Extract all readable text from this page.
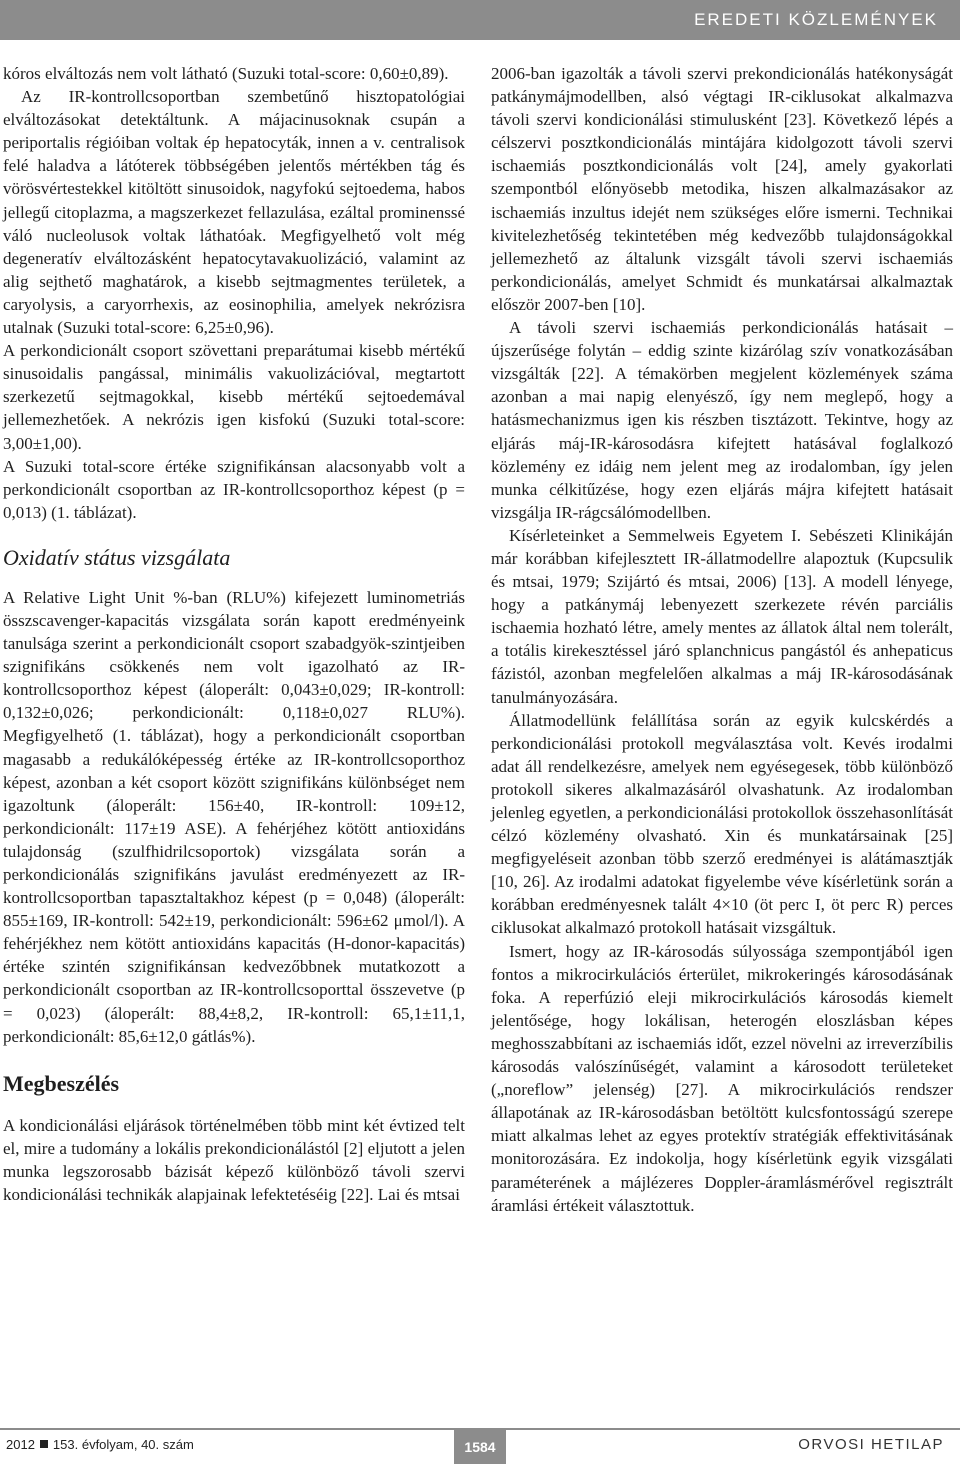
EREDETI KÖZLEMÉNYEK

kóros elváltozás nem volt látható (Suzuki total-score: 0,60±0,89).

Az IR-kontrollcsoportban szembetűnő hisztopatológiai elváltozásokat detektáltunk. A májacinusoknak csupán a periportalis régióiban voltak ép hepatocyták, innen a v. centralisok felé haladva a látóterek többségében jelentős mértékben tág és vörösvértestekkel kitöltött sinusoidok, nagyfokú sejtoedema, habos jellegű citoplazma, a magszerkezet fellazulása, ezáltal prominenssé váló nucleolusok voltak láthatóak. Megfigyelhető volt még degeneratív elváltozásként hepatocytavakuolizáció, valamint az alig sejthető maghatárok, a kisebb sejtmagmentes területek, a caryolysis, a caryorrhexis, az eosinophilia, amelyek nekrózisra utalnak (Suzuki total-score: 6,25±0,96).

A perkondicionált csoport szövettani preparátumai kisebb mértékű sinusoidalis pangással, minimális vakuolizációval, megtartott szerkezetű sejtmagokkal, kisebb mértékű sejtoedemával jellemezhetőek. A nekrózis igen kisfokú (Suzuki total-score: 3,00±1,00).

A Suzuki total-score értéke szignifikánsan alacsonyabb volt a perkondicionált csoportban az IR-kontrollcsoporthoz képest (p = 0,013) (1. táblázat).

Oxidatív státus vizsgálata

A Relative Light Unit %-ban (RLU%) kifejezett luminometriás összscavenger-kapacitás vizsgálata során kapott eredményeink tanulsága szerint a perkondicionált csoport szabadgyök-szintjeiben szignifikáns csökkenés nem volt igazolható az IR-kontrollcsoporthoz képest (áloperált: 0,043±0,029; IR-kontroll: 0,132±0,026; perkondicionált: 0,118±0,027 RLU%). Megfigyelhető (1. táblázat), hogy a perkondicionált csoportban magasabb a redukálóképesség értéke az IR-kontrollcsoporthoz képest, azonban a két csoport között szignifikáns különbséget nem igazoltunk (áloperált: 156±40, IR-kontroll: 109±12, perkondicionált: 117±19 ASE). A fehérjéhez kötött antioxidáns tulajdonság (szulfhidrilcsoportok) vizsgálata során a perkondicionálás szignifikáns javulást eredményezett az IR-kontrollcsoportban tapasztaltakhoz képest (p = 0,048) (áloperált: 855±169, IR-kontroll: 542±19, perkondicionált: 596±62 μmol/l). A fehérjékhez nem kötött antioxidáns kapacitás (H-donor-kapacitás) értéke szintén szignifikánsan kedvezőbbnek mutatkozott a perkondicionált csoportban az IR-kontrollcsoporttal összevetve (p = 0,023) (áloperált: 88,4±8,2, IR-kontroll: 65,1±11,1, perkondicionált: 85,6±12,0 gátlás%).

Megbeszélés

A kondicionálási eljárások történelmében több mint két évtized telt el, mire a tudomány a lokális prekondicionálástól [2] eljutott a jelen munka legszorosabb bázisát képező különböző távoli szervi kondicionálási technikák alapjainak lefektetéséig [22]. Lai és mtsai

2006-ban igazolták a távoli szervi prekondicionálás hatékonyságát patkánymájmodellben, alsó végtagi IR-ciklusokat alkalmazva távoli szervi kondicionálási stimulusként [23]. Következő lépés a célszervi posztkondicionálás mintájára kidolgozott távoli szervi ischaemiás posztkondicionálás volt [24], amely gyakorlati szempontból előnyösebb metodika, hiszen alkalmazásakor az ischaemiás inzultus idejét nem szükséges előre ismerni. Technikai kivitelezhetőség tekintetében még kedvezőbb tulajdonságokkal jellemezhető az általunk vizsgált távoli szervi ischaemiás perkondicionálás, amelyet Schmidt és munkatársai alkalmaztak először 2007-ben [10].

A távoli szervi ischaemiás perkondicionálás hatásait – újszerűsége folytán – eddig szinte kizárólag szív vonatkozásában vizsgálták [22]. A témakörben megjelent közlemények száma azonban a mai napig elenyésző, így nem meglepő, hogy a hatásmechanizmus igen kis részben tisztázott. Tekintve, hogy az eljárás máj-IR-károsodásra kifejtett hatásával foglalkozó közlemény ez idáig nem jelent meg az irodalomban, így jelen munka célkitűzése, hogy ezen eljárás májra kifejtett hatásait vizsgálja IR-rágcsálómodellben.

Kísérleteinket a Semmelweis Egyetem I. Sebészeti Klinikáján már korábban kifejlesztett IR-állatmodellre alapoztuk (Kupcsulik és mtsai, 1979; Szijártó és mtsai, 2006) [13]. A modell lényege, hogy a patkánymáj lebenyezett szerkezete révén parciális ischaemia hozható létre, amely mentes az állatok által nem tolerált, a totális kirekesztéssel járó splanchnicus pangástól és anhepaticus fázistól, azonban megfelelően alkalmas a máj IR-károsodásának tanulmányozására.

Állatmodellünk felállítása során az egyik kulcskérdés a perkondicionálási protokoll megválasztása volt. Kevés irodalmi adat áll rendelkezésre, amelyek nem egyésegesek, több különböző protokoll sikeres alkalmazásáról olvashatunk. Az irodalomban jelenleg egyetlen, a perkondicionálási protokollok összehasonlítását célzó közlemény olvasható. Xin és munkatársainak [25] megfigyeléseit azonban több szerző eredményei is alátámasztják [10, 26]. Az irodalmi adatokat figyelembe véve kísérletünk során a korábban eredményesnek talált 4×10 (öt perc I, öt perc R) perces ciklusokat alkalmazó protokoll hatásait vizsgáltuk.

Ismert, hogy az IR-károsodás súlyossága szempontjából igen fontos a mikrocirkulációs érterület, mikrokeringés károsodásának foka. A reperfúzió eleji mikrocirkulációs károsodás kiemelt jelentősége, hogy lokálisan, heterogén eloszlásban képes meghosszabbítani az ischaemiás időt, ezzel növelni az irreverzíbilis károsodás valószínűségét, valamint a károsodott területeket („noreflow” jelenség) [27]. A mikrocirkulációs rendszer állapotának az IR-károsodásban betöltött kulcsfontosságú szerepe miatt alkalmas lehet az egyes protektív stratégiák effektivitásának monitorozására. Ez indokolja, hogy kísérletünk egyik vizsgálati paraméterének a májlézeres Doppler-áramlásmérővel regisztrált áramlási értékeit választottuk.

2012 153. évfolyam, 40. szám	1584	ORVOSI HETILAP
